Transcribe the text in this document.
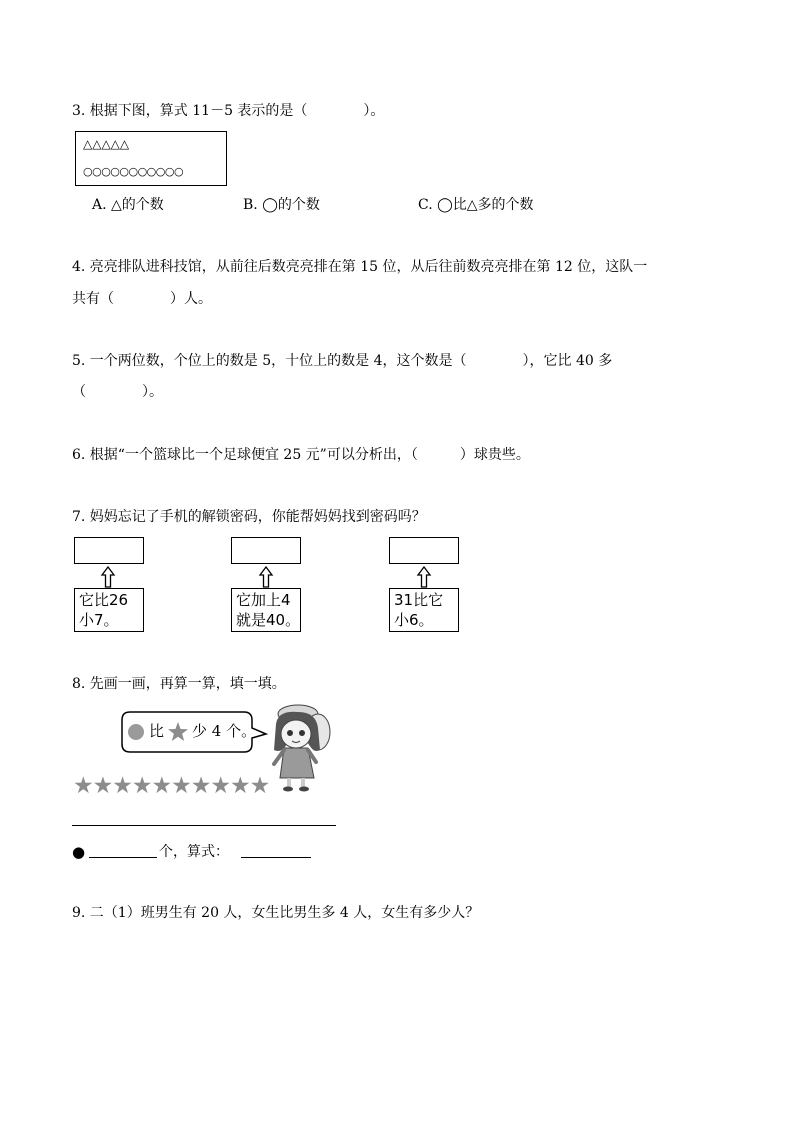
3. 根据下图，算式 11－5 表示的是（　　　　）。
△△△△△
○○○○○○○○○○○
A. △的个数	B. ◯的个数	C. ◯比△多的个数
4. 亮亮排队进科技馆，从前往后数亮亮排在第 15 位，从后往前数亮亮排在第 12 位，这队一
共有（　　　　）人。
5. 一个两位数，个位上的数是 5，十位上的数是 4，这个数是（　　　　），它比 40 多
（　　　　）。
6. 根据“一个篮球比一个足球便宜 25 元”可以分析出，（　　　）球贵些。
7. 妈妈忘记了手机的解锁密码，你能帮妈妈找到密码吗？
它比26
小7。
它加上4
就是40。
31比它
小6。
8. 先画一画，再算一算，填一填。
比 少 4 个。
★★★★★★★★★★
●	个，算式：
9. 二（1）班男生有 20 人，女生比男生多 4 人，女生有多少人？
